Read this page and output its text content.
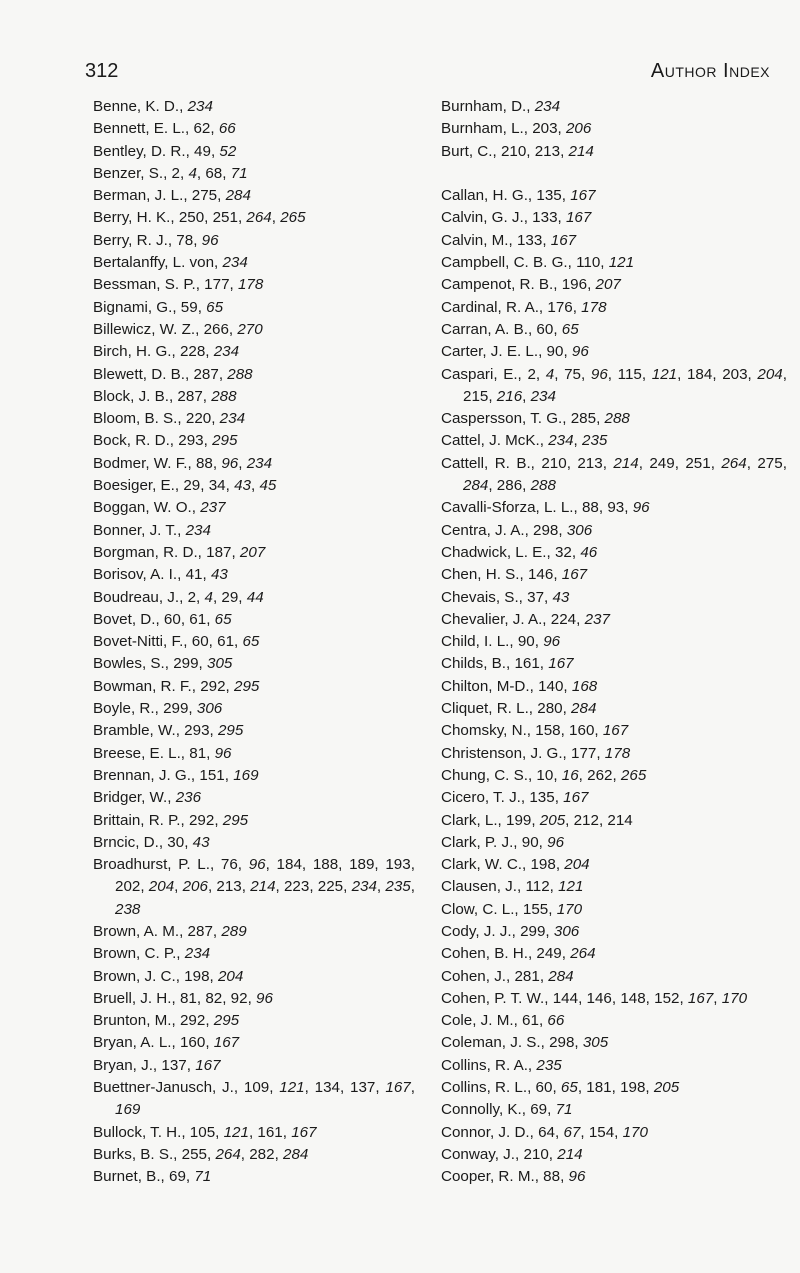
312	Author Index
Benne, K. D., 234
Bennett, E. L., 62, 66
Bentley, D. R., 49, 52
Benzer, S., 2, 4, 68, 71
Berman, J. L., 275, 284
Berry, H. K., 250, 251, 264, 265
Berry, R. J., 78, 96
Bertalanffy, L. von, 234
Bessman, S. P., 177, 178
Bignami, G., 59, 65
Billewicz, W. Z., 266, 270
Birch, H. G., 228, 234
Blewett, D. B., 287, 288
Block, J. B., 287, 288
Bloom, B. S., 220, 234
Bock, R. D., 293, 295
Bodmer, W. F., 88, 96, 234
Boesiger, E., 29, 34, 43, 45
Boggan, W. O., 237
Bonner, J. T., 234
Borgman, R. D., 187, 207
Borisov, A. I., 41, 43
Boudreau, J., 2, 4, 29, 44
Bovet, D., 60, 61, 65
Bovet-Nitti, F., 60, 61, 65
Bowles, S., 299, 305
Bowman, R. F., 292, 295
Boyle, R., 299, 306
Bramble, W., 293, 295
Breese, E. L., 81, 96
Brennan, J. G., 151, 169
Bridger, W., 236
Brittain, R. P., 292, 295
Brncic, D., 30, 43
Broadhurst, P. L., 76, 96, 184, 188, 189, 193, 202, 204, 206, 213, 214, 223, 225, 234, 235, 238
Brown, A. M., 287, 289
Brown, C. P., 234
Brown, J. C., 198, 204
Bruell, J. H., 81, 82, 92, 96
Brunton, M., 292, 295
Bryan, A. L., 160, 167
Bryan, J., 137, 167
Buettner-Janusch, J., 109, 121, 134, 137, 167, 169
Bullock, T. H., 105, 121, 161, 167
Burks, B. S., 255, 264, 282, 284
Burnet, B., 69, 71
Burnham, D., 234
Burnham, L., 203, 206
Burt, C., 210, 213, 214
Callan, H. G., 135, 167
Calvin, G. J., 133, 167
Calvin, M., 133, 167
Campbell, C. B. G., 110, 121
Campenot, R. B., 196, 207
Cardinal, R. A., 176, 178
Carran, A. B., 60, 65
Carter, J. E. L., 90, 96
Caspari, E., 2, 4, 75, 96, 115, 121, 184, 203, 204, 215, 216, 234
Caspersson, T. G., 285, 288
Cattel, J. McK., 234, 235
Cattell, R. B., 210, 213, 214, 249, 251, 264, 275, 284, 286, 288
Cavalli-Sforza, L. L., 88, 93, 96
Centra, J. A., 298, 306
Chadwick, L. E., 32, 46
Chen, H. S., 146, 167
Chevais, S., 37, 43
Chevalier, J. A., 224, 237
Child, I. L., 90, 96
Childs, B., 161, 167
Chilton, M-D., 140, 168
Cliquet, R. L., 280, 284
Chomsky, N., 158, 160, 167
Christenson, J. G., 177, 178
Chung, C. S., 10, 16, 262, 265
Cicero, T. J., 135, 167
Clark, L., 199, 205, 212, 214
Clark, P. J., 90, 96
Clark, W. C., 198, 204
Clausen, J., 112, 121
Clow, C. L., 155, 170
Cody, J. J., 299, 306
Cohen, B. H., 249, 264
Cohen, J., 281, 284
Cohen, P. T. W., 144, 146, 148, 152, 167, 170
Cole, J. M., 61, 66
Coleman, J. S., 298, 305
Collins, R. A., 235
Collins, R. L., 60, 65, 181, 198, 205
Connolly, K., 69, 71
Connor, J. D., 64, 67, 154, 170
Conway, J., 210, 214
Cooper, R. M., 88, 96
